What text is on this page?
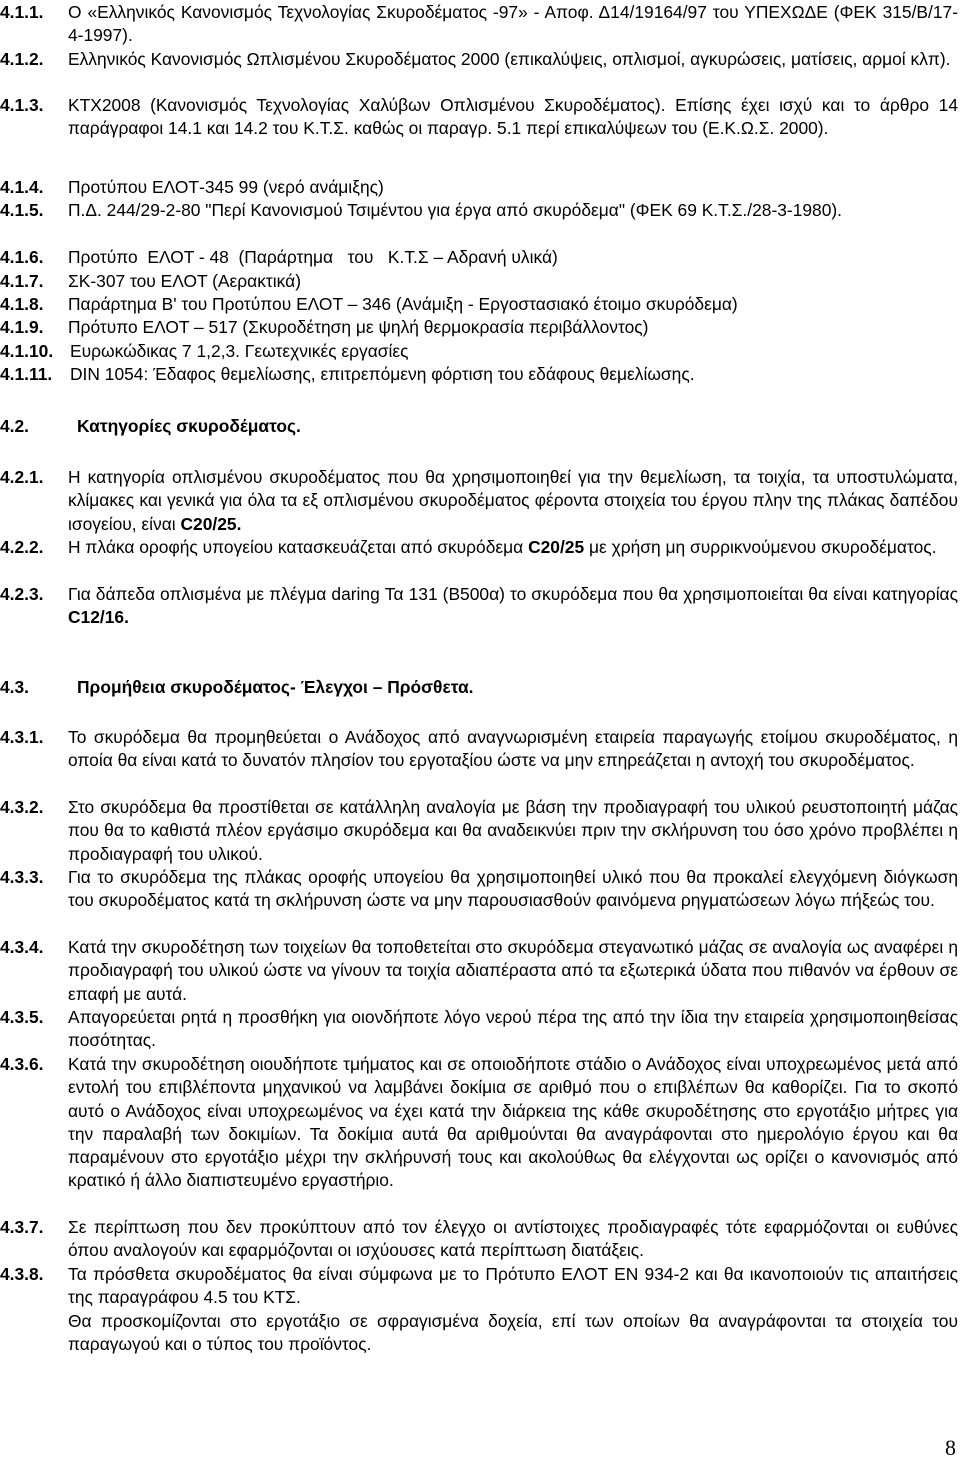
4.1.1. Ο «Ελληνικός Κανονισμός Τεχνολογίας Σκυροδέματος -97» - Αποφ. Δ14/19164/97 του ΥΠΕΧΩΔΕ (ΦΕΚ 315/Β/17-4-1997).
4.1.2. Ελληνικός Κανονισμός Ωπλισμένου Σκυροδέματος 2000 (επικαλύψεις, οπλισμοί, αγκυρώσεις, ματίσεις, αρμοί κλπ).
4.1.3. ΚΤΧ2008 (Κανονισμός Τεχνολογίας Χαλύβων Οπλισμένου Σκυροδέματος). Επίσης έχει ισχύ και το άρθρο 14 παράγραφοι 14.1 και 14.2 του Κ.Τ.Σ. καθώς οι παραγρ. 5.1 περί επικαλύψεων του (Ε.Κ.Ω.Σ. 2000).
4.1.4. Προτύπου ΕΛΟΤ-345 99 (νερό ανάμιξης)
4.1.5. Π.Δ. 244/29-2-80 "Περί Κανονισμού Τσιμέντου για έργα από σκυρόδεμα" (ΦΕΚ 69 Κ.Τ.Σ./28-3-1980).
4.1.6. Προτύπο  ΕΛΟΤ - 48  (Παράρτημα   του   Κ.Τ.Σ – Αδρανή υλικά)
4.1.7. ΣΚ-307 του ΕΛΟΤ (Αερακτικά)
4.1.8. Παράρτημα Β' του Προτύπου ΕΛΟΤ – 346 (Ανάμιξη - Εργοστασιακό έτοιμο σκυρόδεμα)
4.1.9. Πρότυπο ΕΛΟΤ – 517 (Σκυροδέτηση με ψηλή θερμοκρασία περιβάλλοντος)
4.1.10. Ευρωκώδικας 7 1,2,3. Γεωτεχνικές εργασίες
4.1.11. DIN 1054: Έδαφος θεμελίωσης, επιτρεπόμενη φόρτιση του εδάφους θεμελίωσης.
4.2.	Κατηγορίες σκυροδέματος.
4.2.1. Η κατηγορία οπλισμένου σκυροδέματος που θα χρησιμοποιηθεί για την θεμελίωση, τα τοιχία, τα υποστυλώματα, κλίμακες και γενικά για όλα τα εξ οπλισμένου σκυροδέματος φέροντα στοιχεία του έργου πλην της πλάκας δαπέδου ισογείου, είναι C20/25.
4.2.2. Η πλάκα οροφής υπογείου κατασκευάζεται από σκυρόδεμα C20/25 με χρήση μη συρρικνούμενου σκυροδέματος.
4.2.3. Για δάπεδα οπλισμένα με πλέγμα daring Τα 131 (Β500α) το σκυρόδεμα που θα χρησιμοποιείται θα είναι κατηγορίας C12/16.
4.3.	Προμήθεια σκυροδέματος- Έλεγχοι – Πρόσθετα.
4.3.1. Το σκυρόδεμα θα προμηθεύεται ο Ανάδοχος από αναγνωρισμένη εταιρεία παραγωγής ετοίμου σκυροδέματος, η οποία θα είναι κατά το δυνατόν πλησίον του εργοταξίου ώστε να μην επηρεάζεται η αντοχή του σκυροδέματος.
4.3.2. Στο σκυρόδεμα θα προστίθεται σε κατάλληλη αναλογία με βάση την προδιαγραφή του υλικού ρευστοποιητή μάζας που θα το καθιστά πλέον εργάσιμο σκυρόδεμα και θα αναδεικνύει πριν την σκλήρυνση του όσο χρόνο προβλέπει η προδιαγραφή του υλικού.
4.3.3. Για το σκυρόδεμα της πλάκας οροφής υπογείου θα χρησιμοποιηθεί υλικό που θα προκαλεί ελεγχόμενη διόγκωση του σκυροδέματος κατά τη σκλήρυνση ώστε να μην παρουσιασθούν φαινόμενα ρηγματώσεων λόγω πήξεώς του.
4.3.4. Κατά την σκυροδέτηση των τοιχείων θα τοποθετείται στο σκυρόδεμα στεγανωτικό μάζας σε αναλογία ως αναφέρει η προδιαγραφή του υλικού ώστε να γίνουν τα τοιχία αδιαπέραστα από τα εξωτερικά ύδατα που πιθανόν να έρθουν σε επαφή με αυτά.
4.3.5. Απαγορεύεται ρητά η προσθήκη για οιονδήποτε λόγο νερού πέρα της από την ίδια την εταιρεία χρησιμοποιηθείσας ποσότητας.
4.3.6. Κατά την σκυροδέτηση οιουδήποτε τμήματος και σε οποιοδήποτε στάδιο ο Ανάδοχος είναι υποχρεωμένος μετά από εντολή του επιβλέποντα μηχανικού να λαμβάνει δοκίμια σε αριθμό που ο επιβλέπων θα καθορίζει. Για το σκοπό αυτό ο Ανάδοχος είναι υποχρεωμένος να έχει κατά την διάρκεια της κάθε σκυροδέτησης στο εργοτάξιο μήτρες για την παραλαβή των δοκιμίων. Τα δοκίμια αυτά θα αριθμούνται θα αναγράφονται στο ημερολόγιο έργου και θα παραμένουν στο εργοτάξιο μέχρι την σκλήρυνσή τους και ακολούθως θα ελέγχονται ως ορίζει ο κανονισμός από κρατικό ή άλλο διαπιστευμένο εργαστήριο.
4.3.7. Σε περίπτωση που δεν προκύπτουν από τον έλεγχο οι αντίστοιχες προδιαγραφές τότε εφαρμόζονται οι ευθύνες όπου αναλογούν και εφαρμόζονται οι ισχύουσες κατά περίπτωση διατάξεις.
4.3.8. Τα πρόσθετα σκυροδέματος θα είναι σύμφωνα με το Πρότυπο ΕΛΟΤ ΕΝ 934-2 και θα ικανοποιούν τις απαιτήσεις της παραγράφου 4.5 του ΚΤΣ.
Θα προσκομίζονται στο εργοτάξιο σε σφραγισμένα δοχεία, επί των οποίων θα αναγράφονται τα στοιχεία του παραγωγού και ο τύπος του προϊόντος.
8
